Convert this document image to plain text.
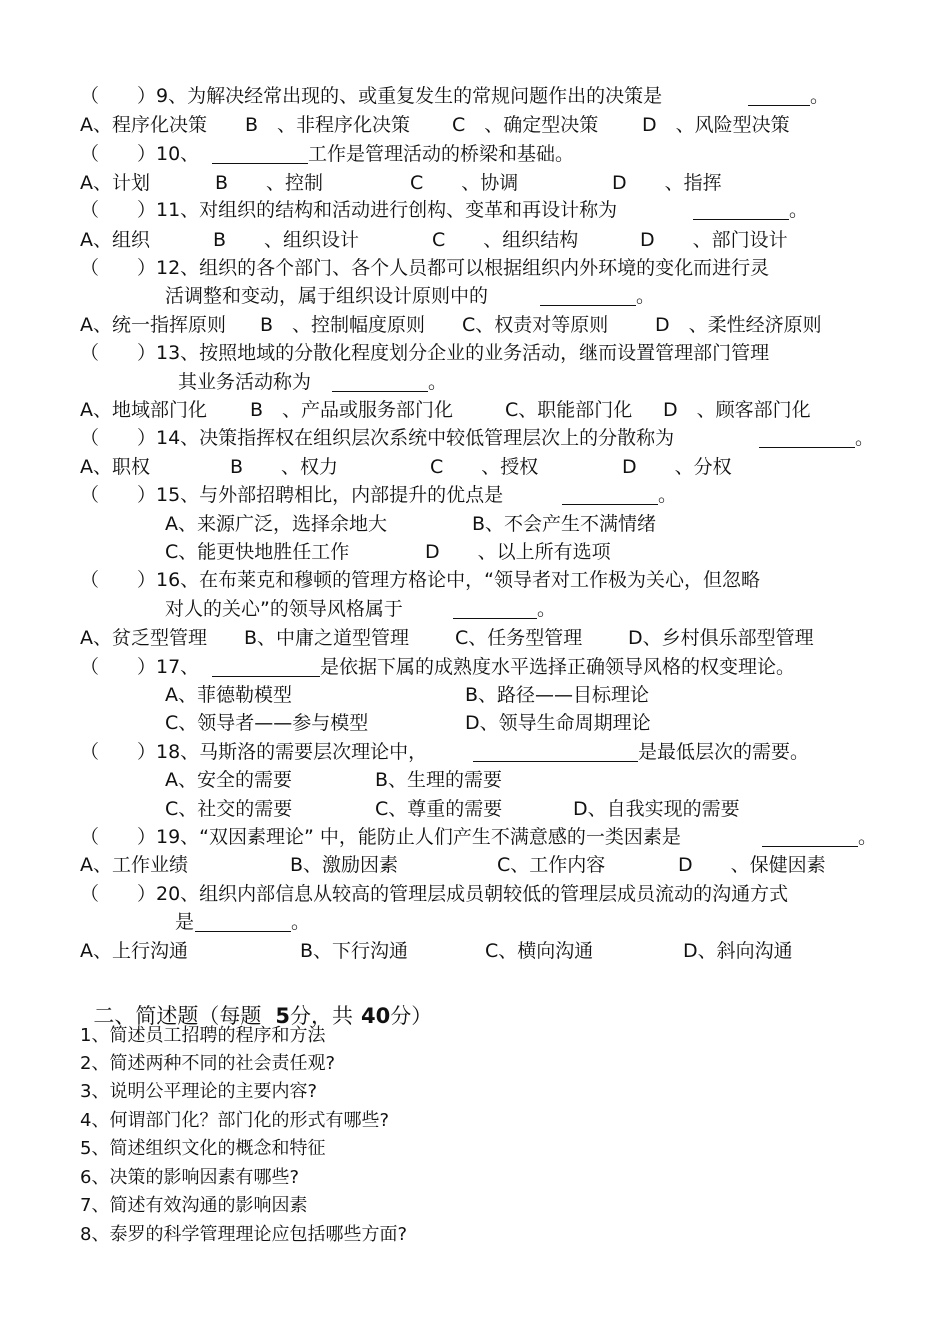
（　　）9、为解决经常出现的、或重复发生的常规问题作出的决策是	。
A、程序化决策 B　、非程序化决策 C　、确定型决策 D　、风险型决策
（　　）10、	工作是管理活动的桥梁和基础。
A、计划	B　　、控制	C　　、协调	D　　、指挥
（　　）11、对组织的结构和活动进行创构、变革和再设计称为	。
A、组织	B　　、组织设计	C　　、组织结构	D　　、部门设计
（　　）12、组织的各个部门、各个人员都可以根据组织内外环境的变化而进行灵
活调整和变动，属于组织设计原则中的	。
A、统一指挥原则 B　、控制幅度原则 C、权责对等原则 D　、柔性经济原则
（　　）13、按照地域的分散化程度划分企业的业务活动，继而设置管理部门管理
其业务活动称为	。
A、地域部门化 B　、产品或服务部门化	C、职能部门化 D　、顾客部门化
（　　）14、决策指挥权在组织层次系统中较低管理层次上的分散称为	。
A、职权	B　　、权力	C　　、授权	D　　、分权
（　　）15、与外部招聘相比，内部提升的优点是	。
A、来源广泛，选择余地大	B、不会产生不满情绪
C、能更快地胜任工作	D　　、以上所有选项
（　　）16、在布莱克和穆顿的管理方格论中，“领导者对工作极为关心，但忽略
对人的关心”的领导风格属于	。
A、贫乏型管理 B、中庸之道型管理 C、任务型管理 D、乡村俱乐部型管理
（　　）17、	是依据下属的成熟度水平选择正确领导风格的权变理论。
A、菲德勒模型	B、路径——目标理论
C、领导者——参与模型	D、领导生命周期理论
（　　）18、马斯洛的需要层次理论中，	是最低层次的需要。
A、安全的需要	B、生理的需要
C、社交的需要	C、尊重的需要	D、自我实现的需要
（　　）19、“双因素理论” 中，能防止人们产生不满意感的一类因素是	。
A、工作业绩	B、激励因素	C、工作内容	D　　、保健因素
（　　）20、组织内部信息从较高的管理层成员朝较低的管理层成员流动的沟通方式
是	。
A、上行沟通	B、下行沟通	C、横向沟通	D、斜向沟通

二、简述题（每题 5分，共 40分）

1、简述员工招聘的程序和方法
2、简述两种不同的社会责任观?
3、说明公平理论的主要内容?
4、何谓部门化？部门化的形式有哪些?
5、简述组织文化的概念和特征
6、决策的影响因素有哪些?
7、简述有效沟通的影响因素
8、泰罗的科学管理理论应包括哪些方面?
